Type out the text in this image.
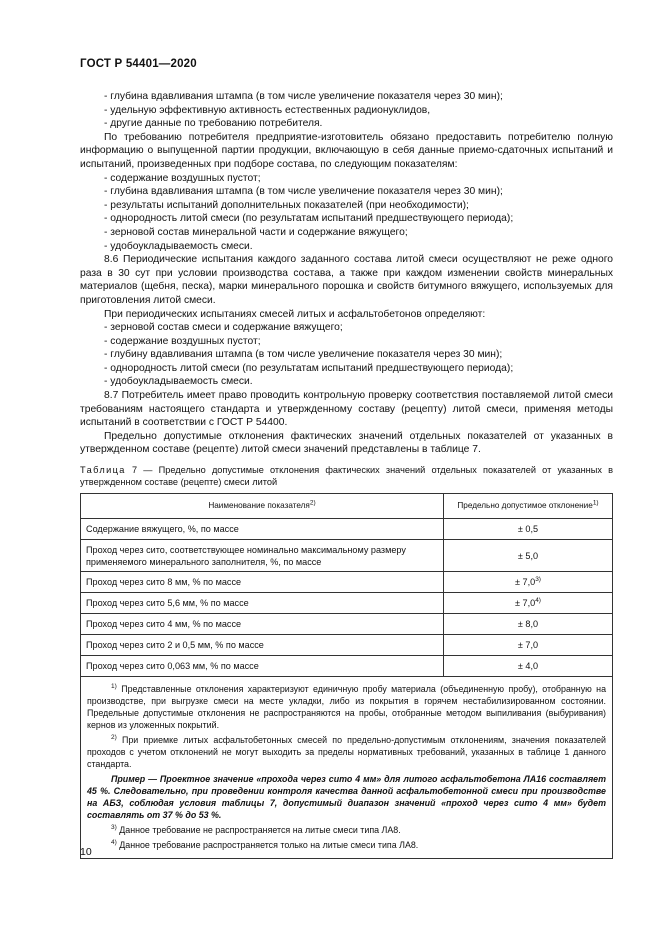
ГОСТ Р 54401—2020

- глубина вдавливания штампа (в том числе увеличение показателя через 30 мин);

- удельную эффективную активность естественных радионуклидов,

- другие данные по требованию потребителя.

По требованию потребителя предприятие-изготовитель обязано предоставить потребителю полную информацию о выпущенной партии продукции, включающую в себя данные приемо-сдаточных испытаний и испытаний, произведенных при подборе состава, по следующим показателям:

- содержание воздушных пустот;

- глубина вдавливания штампа (в том числе увеличение показателя через 30 мин);

- результаты испытаний дополнительных показателей (при необходимости);

- однородность литой смеси (по результатам испытаний предшествующего периода);

- зерновой состав минеральной части и содержание вяжущего;

- удобоукладываемость смеси.

8.6 Периодические испытания каждого заданного состава литой смеси осуществляют не реже одного раза в 30 сут при условии производства состава, а также при каждом изменении свойств минеральных материалов (щебня, песка), марки минерального порошка и свойств битумного вяжущего, используемых для приготовления литой смеси.

При периодических испытаниях смесей литых и асфальтобетонов определяют:

- зерновой состав смеси и содержание вяжущего;

- содержание воздушных пустот;

- глубину вдавливания штампа (в том числе увеличение показателя через 30 мин);

- однородность литой смеси (по результатам испытаний предшествующего периода);

- удобоукладываемость смеси.

8.7 Потребитель имеет право проводить контрольную проверку соответствия поставляемой литой смеси требованиям настоящего стандарта и утвержденному составу (рецепту) литой смеси, применяя методы испытаний в соответствии с ГОСТ Р 54400.

Предельно допустимые отклонения фактических значений отдельных показателей от указанных в утвержденном составе (рецепте) литой смеси значений представлены в таблице 7.

Таблица 7 — Предельно допустимые отклонения фактических значений отдельных показателей от указанных в утвержденном составе (рецепте) смеси литой

Наименование показателя$^{2)}$	Предельно допустимое отклонение$^{1)}$
Содержание вяжущего, %, по массе	± 0,5
Проход через сито, соответствующее номинально максимальному размеру применяемого минерального заполнителя, %, по массе	± 5,0
Проход через сито 8 мм, % по массе	± $7,0^{3)}$
Проход через сито 5,6 мм, % по массе	± $7,0^{4)}$
Проход через сито 4 мм, % по массе	± 8,0
Проход через сито 2 и 0,5 мм, % по массе	± 7,0
Проход через сито 0,063 мм, % по массе	± 4,0

$^{1)}$ Представленные отклонения характеризуют единичную пробу материала (объединенную пробу), отобранную на производстве, при выгрузке смеси на месте укладки, либо из покрытия в горячем нестабилизированном состоянии. Предельные допустимые отклонения не распространяются на пробы, отобранные методом выпиливания (выбуривания) кернов из уложенных покрытий.

$^{2)}$ При приемке литых асфальтобетонных смесей по предельно-допустимым отклонениям, значения показателей проходов с учетом отклонений не могут выходить за пределы нормативных требований, указанных в таблице 1 данного стандарта.

Пример — Проектное значение «прохода через сито 4 мм» для литого асфальтобетона ЛА16 составляет 45 %. Следовательно, при проведении контроля качества данной асфальтобетонной смеси при производстве на АБЗ, соблюдая условия таблицы 7, допустимый диапазон значений «проход через сито 4 мм» будет составлять от 37 % до 53 %.

$^{3)}$ Данное требование не распространяется на литые смеси типа ЛА8.

$^{4)}$ Данное требование распространяется только на литые смеси типа ЛА8.	

10
